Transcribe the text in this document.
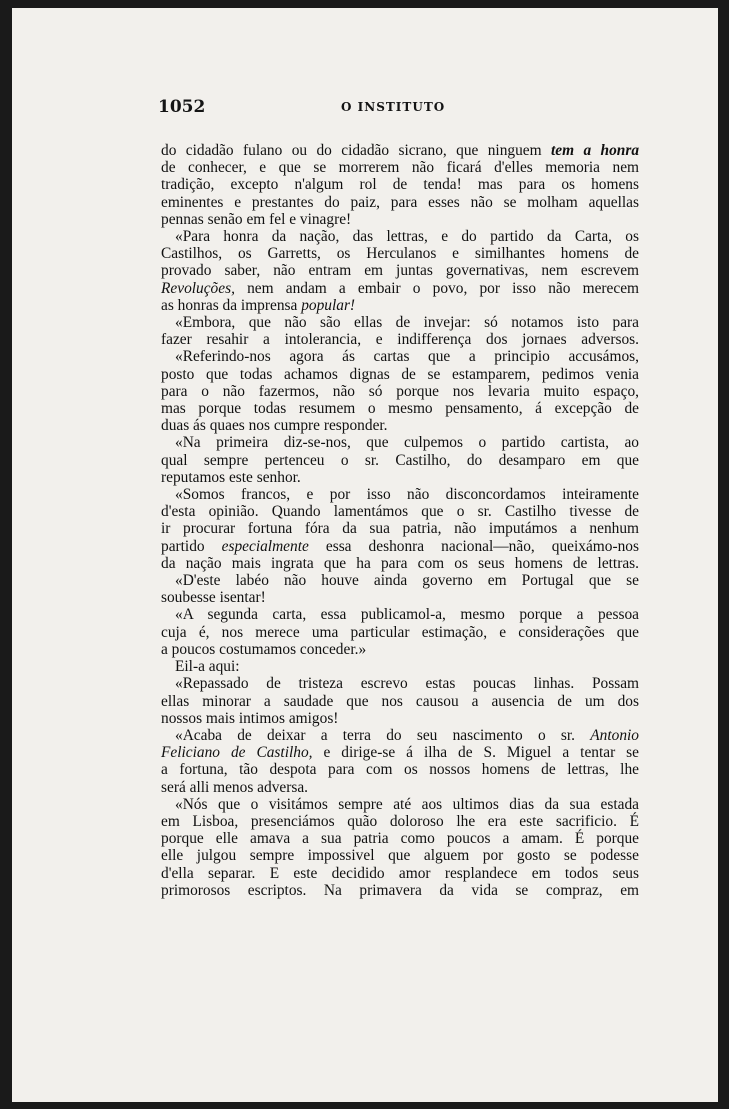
1052	O INSTITUTO
do cidadão fulano ou do cidadão sicrano, que ninguem tem a honra
de conhecer, e que se morrerem não ficará d'elles memoria nem
tradição, excepto n'algum rol de tenda! mas para os homens
eminentes e prestantes do paiz, para esses não se molham aquellas
pennas senão em fel e vinagre!
«Para honra da nação, das lettras, e do partido da Carta, os
Castilhos, os Garretts, os Herculanos e similhantes homens de
provado saber, não entram em juntas governativas, nem escrevem
Revoluções, nem andam a embair o povo, por isso não merecem
as honras da imprensa popular!
«Embora, que não são ellas de invejar: só notamos isto para
fazer resahir a intolerancia, e indifferença dos jornaes adversos.
«Referindo-nos agora ás cartas que a principio accusámos,
posto que todas achamos dignas de se estamparem, pedimos venia
para o não fazermos, não só porque nos levaria muito espaço,
mas porque todas resumem o mesmo pensamento, á excepção de
duas ás quaes nos cumpre responder.
«Na primeira diz-se-nos, que culpemos o partido cartista, ao
qual sempre pertenceu o sr. Castilho, do desamparo em que
reputamos este senhor.
«Somos francos, e por isso não disconcordamos inteiramente
d'esta opinião. Quando lamentámos que o sr. Castilho tivesse de
ir procurar fortuna fóra da sua patria, não imputámos a nenhum
partido especialmente essa deshonra nacional—não, queixámo-nos
da nação mais ingrata que ha para com os seus homens de lettras.
«D'este labéo não houve ainda governo em Portugal que se
soubesse isentar!
«A segunda carta, essa publicamol-a, mesmo porque a pessoa
cuja é, nos merece uma particular estimação, e considerações que
a poucos costumamos conceder.»
Eil-a aqui:
«Repassado de tristeza escrevo estas poucas linhas. Possam
ellas minorar a saudade que nos causou a ausencia de um dos
nossos mais intimos amigos!
«Acaba de deixar a terra do seu nascimento o sr. Antonio
Feliciano de Castilho, e dirige-se á ilha de S. Miguel a tentar se
a fortuna, tão despota para com os nossos homens de lettras, lhe
será alli menos adversa.
«Nós que o visitámos sempre até aos ultimos dias da sua estada
em Lisboa, presenciámos quão doloroso lhe era este sacrificio. É
porque elle amava a sua patria como poucos a amam. É porque
elle julgou sempre impossivel que alguem por gosto se podesse
d'ella separar. E este decidido amor resplandece em todos seus
primorosos escriptos. Na primavera da vida se compraz, em
